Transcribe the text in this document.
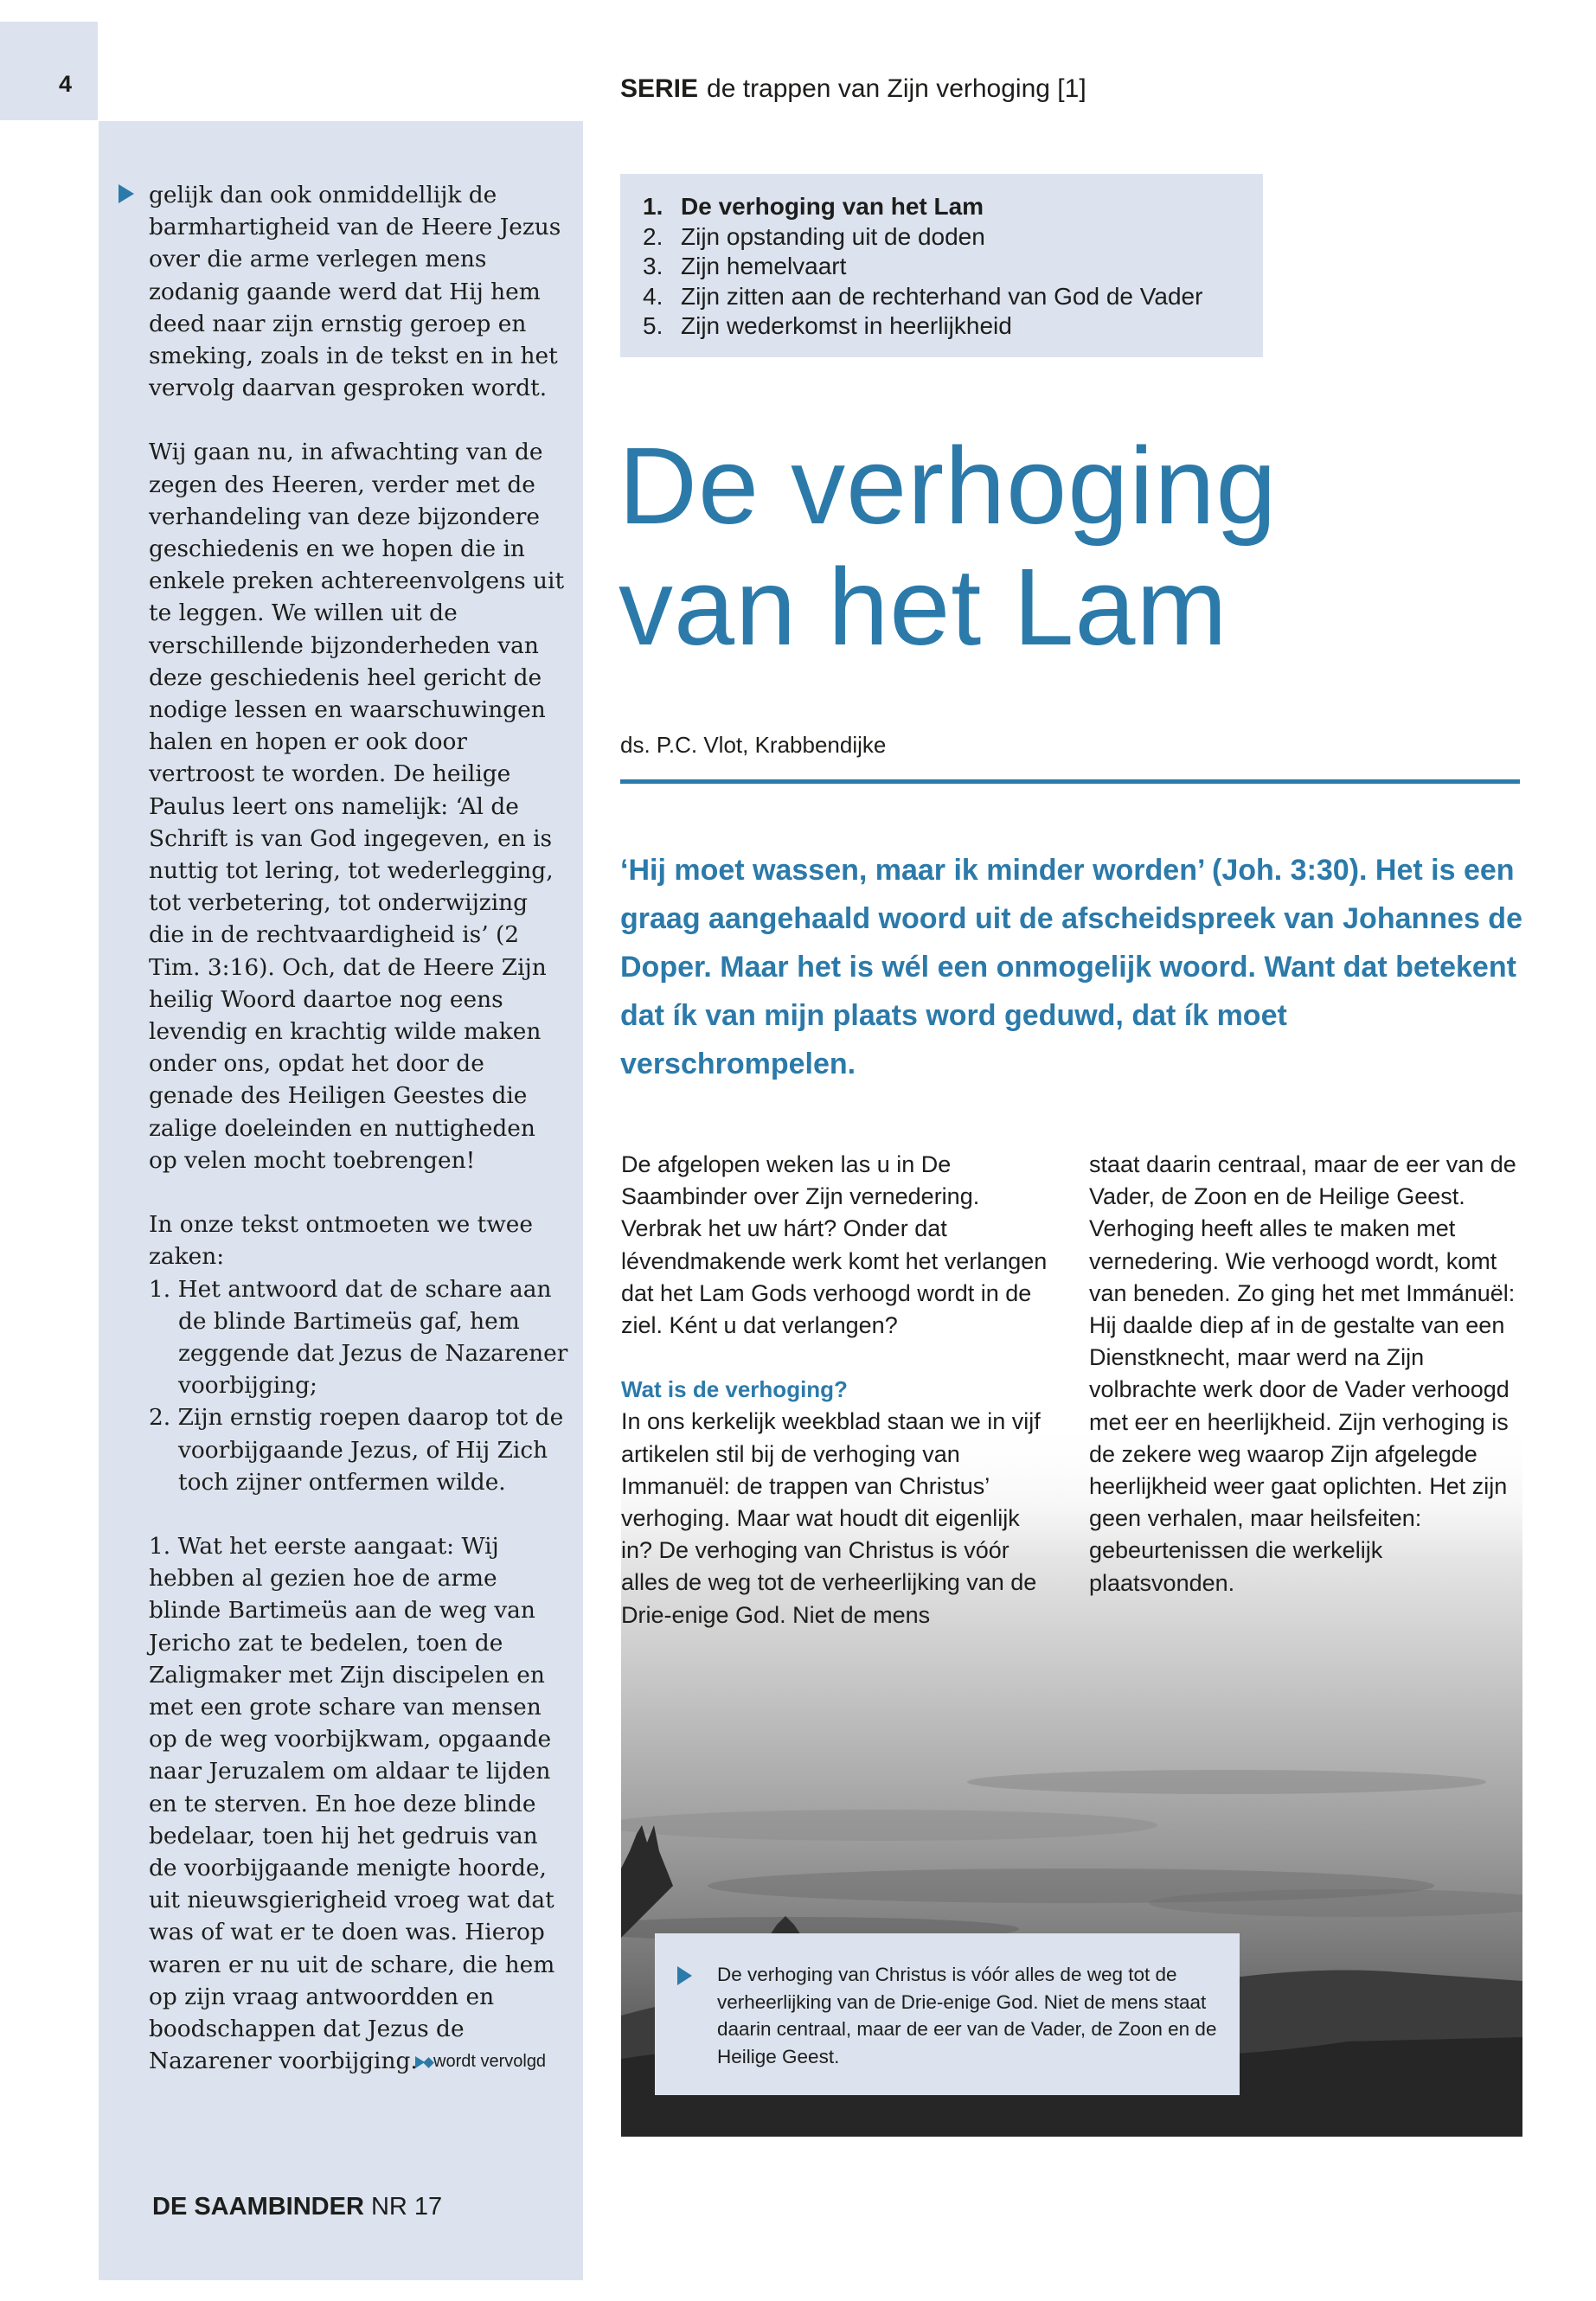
4	SERIE de trappen van Zijn verhoging [1]

gelijk dan ook onmiddellijk de barmhartigheid van de Heere Jezus over die arme verlegen mens zodanig gaande werd dat Hij hem deed naar zijn ernstig geroep en smeking, zoals in de tekst en in het vervolg daarvan gesproken wordt.

Wij gaan nu, in afwachting van de zegen des Heeren, verder met de verhandeling van deze bijzondere geschiedenis en we hopen die in enkele preken achtereenvolgens uit te leggen. We willen uit de verschillende bijzonderheden van deze geschiedenis heel gericht de nodige lessen en waarschuwingen halen en hopen er ook door vertroost te worden. De heilige Paulus leert ons namelijk: ‘Al de Schrift is van God ingegeven, en is nuttig tot lering, tot wederlegging, tot verbetering, tot onderwijzing die in de rechtvaardigheid is’ (2 Tim. 3:16). Och, dat de Heere Zijn heilig Woord daartoe nog eens levendig en krachtig wilde maken onder ons, opdat het door de genade des Heiligen Geestes die zalige doeleinden en nuttigheden op velen mocht toebrengen!

In onze tekst ontmoeten we twee zaken:

1. Het antwoord dat de schare aan de blinde Bartimeüs gaf, hem zeggende dat Jezus de Nazarener voorbijging;
2. Zijn ernstig roepen daarop tot de voorbijgaande Jezus, of Hij Zich toch zijner ontfermen wilde.

1. Wat het eerste aangaat: Wij hebben al gezien hoe de arme blinde Bartimeüs aan de weg van Jericho zat te bedelen, toen de Zaligmaker met Zijn discipelen en met een grote schare van mensen op de weg voorbijkwam, opgaande naar Jeruzalem om aldaar te lijden en te sterven. En hoe deze blinde bedelaar, toen hij het gedruis van de voorbijgaande menigte hoorde, uit nieuwsgierigheid vroeg wat dat was of wat er te doen was. Hierop waren er nu uit de schare, die hem op zijn vraag antwoordden en boodschappen dat Jezus de Nazarener voorbijging. wordt vervolgd
DE SAAMBINDER NR 17
1. De verhoging van het Lam
2. Zijn opstanding uit de doden
3. Zijn hemelvaart
4. Zijn zitten aan de rechterhand van God de Vader
5. Zijn wederkomst in heerlijkheid
De verhoging
van het Lam
ds. P.C. Vlot, Krabbendijke
‘Hij moet wassen, maar ik minder worden’ (Joh. 3:30). Het is een graag aangehaald woord uit de afscheidspreek van Johannes de Doper. Maar het is wél een onmogelijk woord. Want dat betekent dat ík van mijn plaats word geduwd, dat ík moet verschrompelen.

De afgelopen weken las u in De Saambinder over Zijn vernedering. Verbrak het uw hárt? Onder dat lévendmakende werk komt het verlangen dat het Lam Gods verhoogd wordt in de ziel. Ként u dat verlangen?

Wat is de verhoging?

In ons kerkelijk weekblad staan we in vijf artikelen stil bij de verhoging van Immanuël: de trappen van Christus’ verhoging. Maar wat houdt dit eigenlijk in? De verhoging van Christus is vóór alles de weg tot de verheerlijking van de Drie-enige God. Niet de mens

staat daarin centraal, maar de eer van de Vader, de Zoon en de Heilige Geest.

Verhoging heeft alles te maken met vernedering. Wie verhoogd wordt, komt van beneden. Zo ging het met Immánuël: Hij daalde diep af in de gestalte van een Dienstknecht, maar werd na Zijn volbrachte werk door de Vader verhoogd met eer en heerlijkheid. Zijn verhoging is de zekere weg waarop Zijn afgelegde heerlijkheid weer gaat oplichten. Het zijn geen verhalen, maar heilsfeiten: gebeurtenissen die werkelijk plaatsvonden.

De verhoging van Christus is vóór alles de weg tot de verheerlijking van de Drie-enige God. Niet de mens staat daarin centraal, maar de eer van de Vader, de Zoon en de Heilige Geest.
